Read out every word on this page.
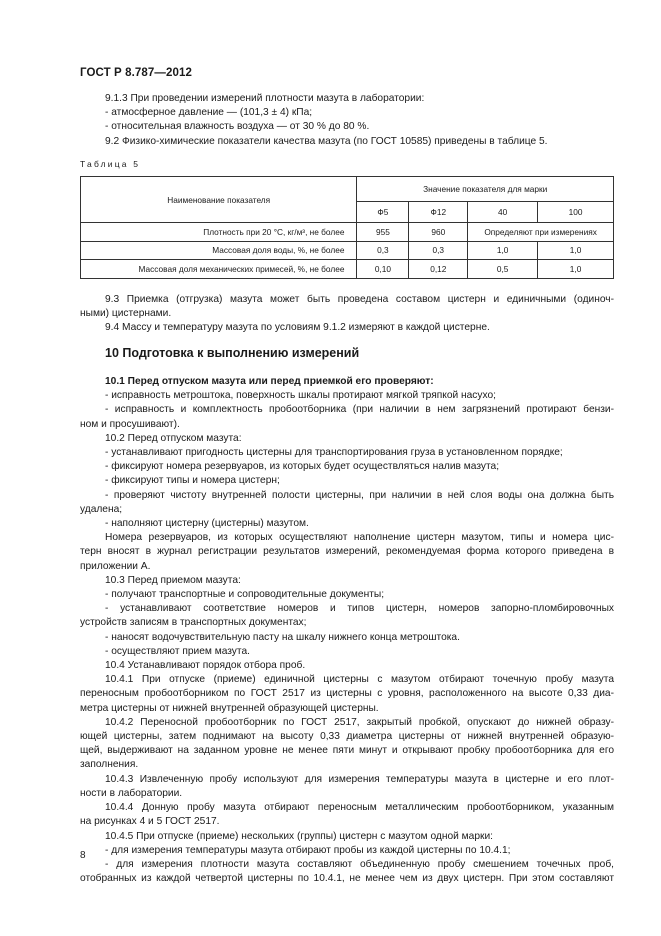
ГОСТ Р 8.787—2012

9.1.3 При проведении измерений плотности мазута в лаборатории:

- атмосферное давление — (101,3 ± 4) кПа;

- относительная влажность воздуха — от 30 % до 80 %.

9.2 Физико-химические показатели качества мазута (по ГОСТ 10585) приведены в таблице 5.

Таблица 5
Наименование показателя	Значение показателя для марки			
	Ф5	Ф12	40	100
Плотность при 20 °С, кг/м³, не более	955	960	Определяют при измерениях	
Массовая доля воды, %, не более	0,3	0,3	1,0	1,0
Массовая доля механических примесей, %, не более	0,10	0,12	0,5	1,0

9.3 Приемка (отгрузка) мазута может быть проведена составом цистерн и единичными (одиноч-

ными) цистернами.

9.4 Массу и температуру мазута по условиям 9.1.2 измеряют в каждой цистерне.

10 Подготовка к выполнению измерений

10.1 Перед отпуском мазута или перед приемкой его проверяют:

- исправность метроштока, поверхность шкалы протирают мягкой тряпкой насухо;

- исправность и комплектность пробоотборника (при наличии в нем загрязнений протирают бензи-

ном и просушивают).

10.2 Перед отпуском мазута:

- устанавливают пригодность цистерны для транспортирования груза в установленном порядке;

- фиксируют номера резервуаров, из которых будет осуществляться налив мазута;

- фиксируют типы и номера цистерн;

- проверяют чистоту внутренней полости цистерны, при наличии в ней слоя воды она должна быть

удалена;

- наполняют цистерну (цистерны) мазутом.

Номера резервуаров, из которых осуществляют наполнение цистерн мазутом, типы и номера цис-

терн вносят в журнал регистрации результатов измерений, рекомендуемая форма которого приведена в

приложении А.

10.3 Перед приемом мазута:

- получают транспортные и сопроводительные документы;

- устанавливают соответствие номеров и типов цистерн, номеров запорно-пломбировочных

устройств записям в транспортных документах;

- наносят водочувствительную пасту на шкалу нижнего конца метроштока.

- осуществляют прием мазута.

10.4 Устанавливают порядок отбора проб.

10.4.1 При отпуске (приеме) единичной цистерны с мазутом отбирают точечную пробу мазута

переносным пробоотборником по ГОСТ 2517 из цистерны с уровня, расположенного на высоте 0,33 диа-

метра цистерны от нижней внутренней образующей цистерны.

10.4.2 Переносной пробоотборник по ГОСТ 2517, закрытый пробкой, опускают до нижней образу-

ющей цистерны, затем поднимают на высоту 0,33 диаметра цистерны от нижней внутренней образую-

щей, выдерживают на заданном уровне не менее пяти минут и открывают пробку пробоотборника для его

заполнения.

10.4.3 Извлеченную пробу используют для измерения температуры мазута в цистерне и его плот-

ности в лаборатории.

10.4.4 Донную пробу мазута отбирают переносным металлическим пробоотборником, указанным

на рисунках 4 и 5 ГОСТ 2517.

10.4.5 При отпуске (приеме) нескольких (группы) цистерн с мазутом одной марки:

- для измерения температуры мазута отбирают пробы из каждой цистерны по 10.4.1;

- для измерения плотности мазута составляют объединенную пробу смешением точечных проб,

отобранных из каждой четвертой цистерны по 10.4.1, не менее чем из двух цистерн. При этом составляют

8
